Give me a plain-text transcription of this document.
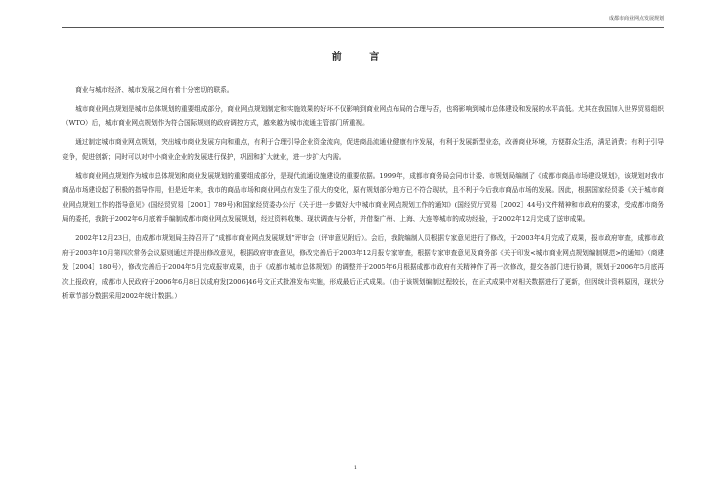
成都市商业网点发展规划
前 言

商业与城市经济、城市发展之间有着十分密切的联系。

城市商业网点规划是城市总体规划的重要组成部分，商业网点规划制定和实施效果的好坏不仅影响到商业网点布局的合理与否，也将影响到城市总体建设和发展的水平高低。尤其在我国加入世界贸易组织（WTO）后，城市商业网点规划作为符合国际规则的政府调控方式，越来越为城市流通主管部门所重视。

通过制定城市商业网点规划，突出城市商业发展方向和重点，有利于合理引导企业资金流向，促进商品流通业健康有序发展，有利于发展新型业态，改善商业环境，方便群众生活，满足消费；有利于引导竞争，促进创新；同时可以对中小商业企业的发展进行保护，巩固和扩大就业，进一步扩大内需。

城市商业网点规划作为城市总体规划和商业发展规划的重要组成部分，是现代流通设施建设的重要依据。1999年，成都市商务局会同市计委、市规划局编制了《成都市商品市场建设规划》，该规划对我市商品市场建设起了积极的指导作用，但是近年来，我市的商品市场和商业网点有发生了很大的变化，原有规划部分地方已不符合现状，且不利于今后我市商品市场的发展。因此，根据国家经贸委《关于城市商业网点规划工作的指导意见》(国经贸贸易［2001］789号)和国家经贸委办公厅《关于进一步做好大中城市商业网点规划工作的通知》(国经贸厅贸易［2002］44号)文件精神和市政府的要求，受成都市商务局的委托，我院于2002年6月底着手编制成都市商业网点发展规划，经过资料收集、现状调查与分析，并借鉴广州、上海、大连等城市的成功经验，于2002年12月完成了送审成果。

2002年12月23日，由成都市规划局主持召开了“成都市商业网点发展规划”评审会（评审意见附后）。会后，我院编制人员根据专家意见进行了修改，于2003年4月完成了成果，报市政府审查，成都市政府于2003年10月第四次常务会议原则通过并提出修改意见，根据政府审查意见，修改完善后于2003年12月报专家审查，根据专家审查意见及商务部《关于印发<城市商业网点规划编制规范>的通知》（商建发［2004］180号），修改完善后于2004年5月完成报审成果，由于《成都市城市总体规划》的调整并于2005年6月根据成都市政府有关精神作了再一次修改，提交各部门进行协调，规划于2006年5月底再次上报政府，成都市人民政府于2006年6月8日以成府发[2006]46号文正式批准发布实施，形成最后正式成果。（由于该规划编制过程较长，在正式成果中对相关数据进行了更新，但因统计资料原因，现状分析章节部分数据采用2002年统计数据。）

1
